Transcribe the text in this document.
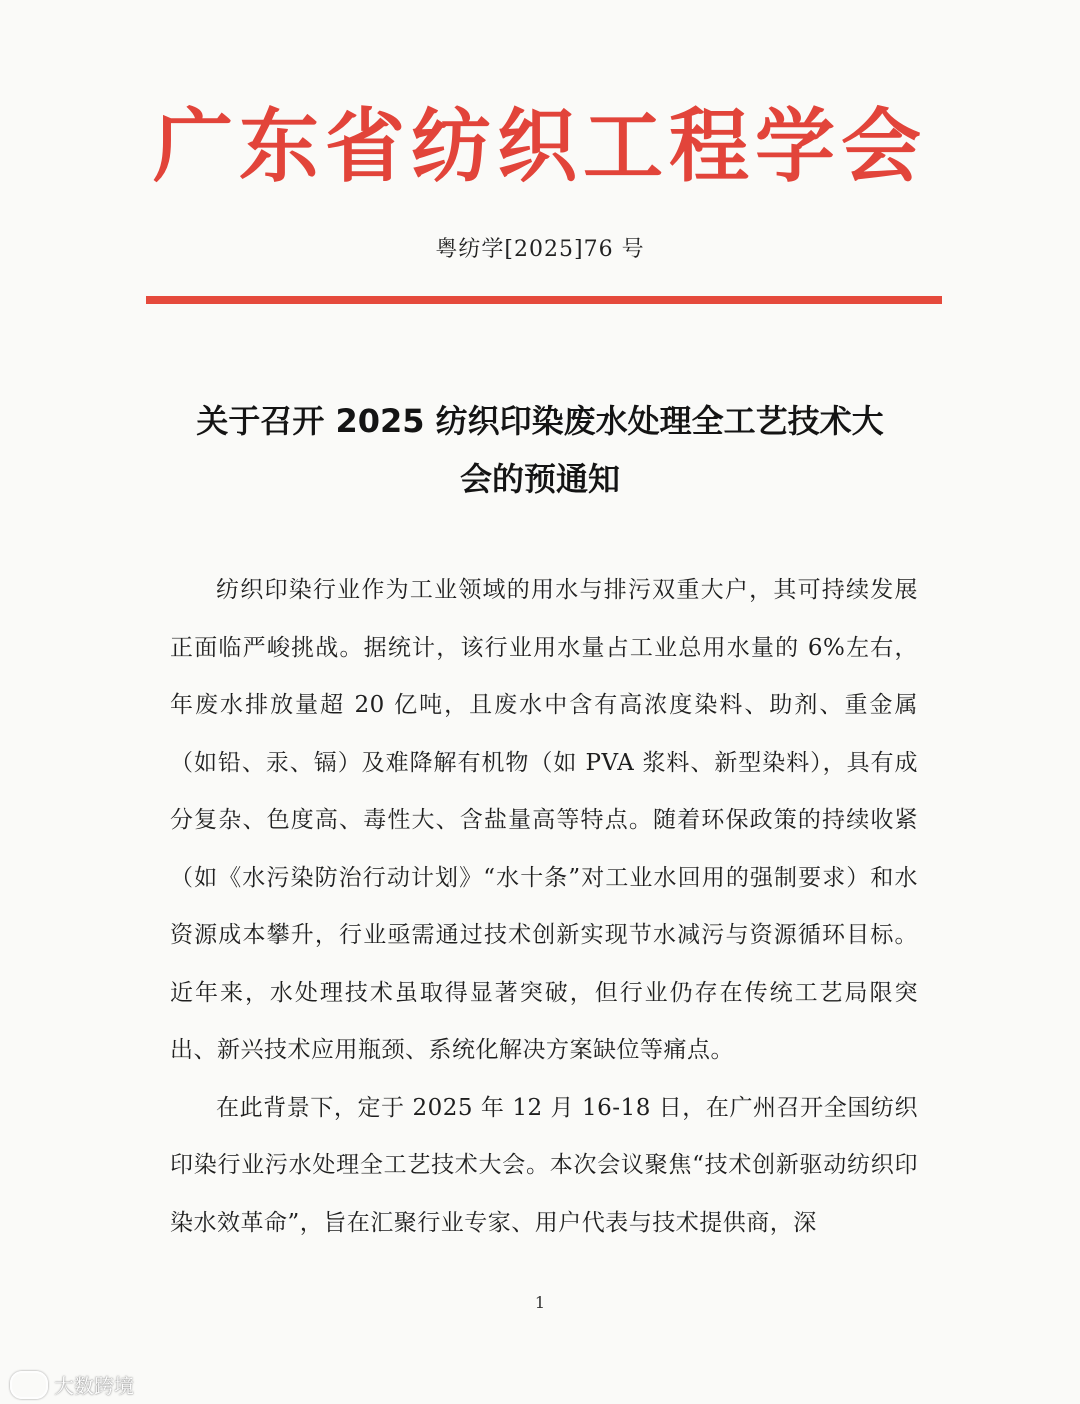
广东省纺织工程学会
粤纺学[2025]76 号
关于召开 2025 纺织印染废水处理全工艺技术大
会的预通知

纺织印染行业作为工业领域的用水与排污双重大户，其可持续发展正面临严峻挑战。据统计，该行业用水量占工业总用水量的 6%左右，年废水排放量超 20 亿吨，且废水中含有高浓度染料、助剂、重金属（如铅、汞、镉）及难降解有机物（如 PVA 浆料、新型染料），具有成分复杂、色度高、毒性大、含盐量高等特点。随着环保政策的持续收紧（如《水污染防治行动计划》“水十条”对工业水回用的强制要求）和水资源成本攀升，行业亟需通过技术创新实现节水减污与资源循环目标。近年来，水处理技术虽取得显著突破，但行业仍存在传统工艺局限突出、新兴技术应用瓶颈、系统化解决方案缺位等痛点。

在此背景下，定于 2025 年 12 月 16-18 日，在广州召开全国纺织印染行业污水处理全工艺技术大会。本次会议聚焦“技术创新驱动纺织印染水效革命”，旨在汇聚行业专家、用户代表与技术提供商，深

1
大数跨境
